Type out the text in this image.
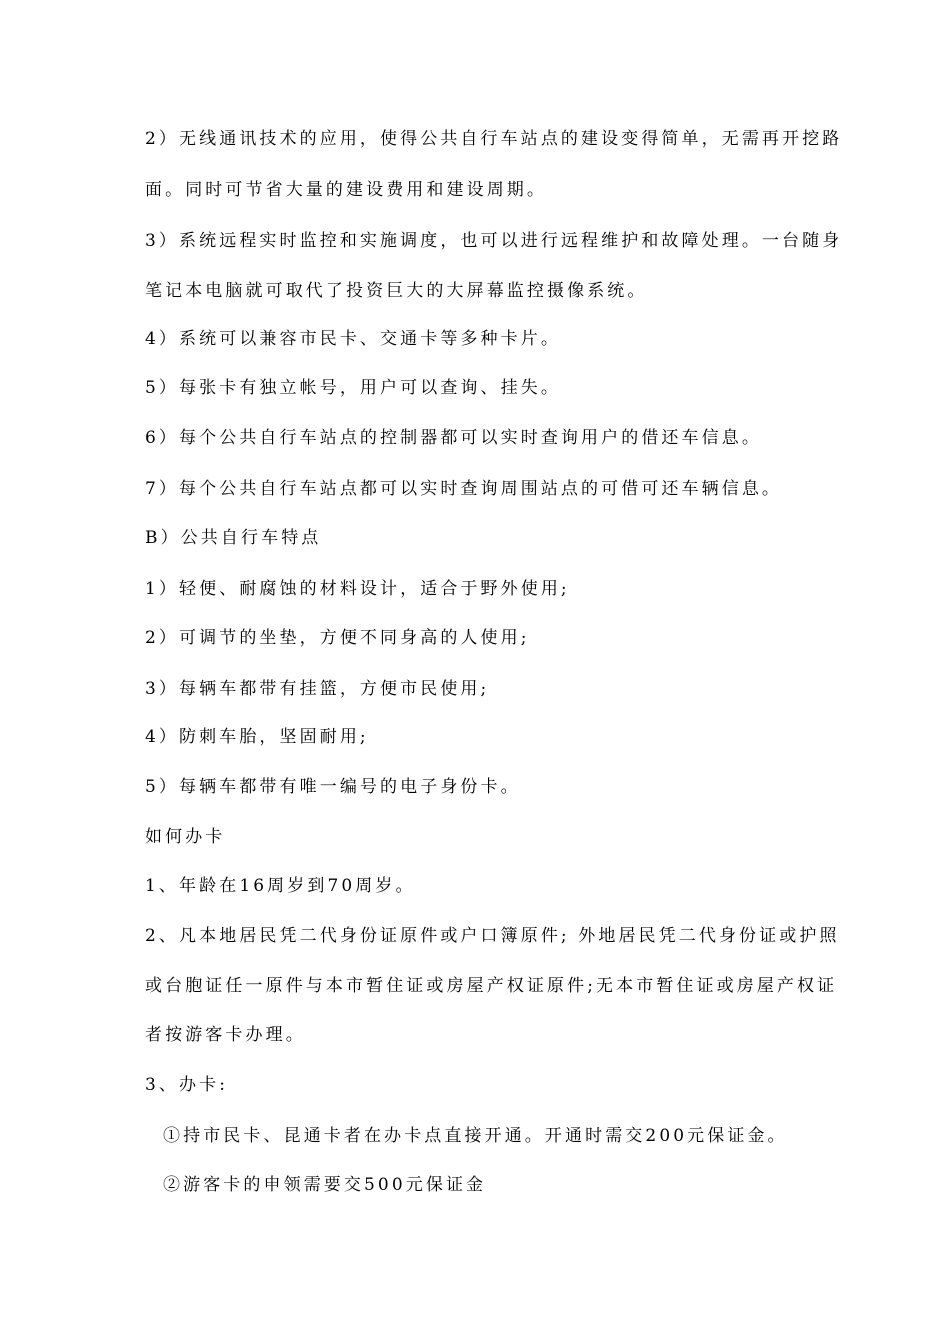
2）无线通讯技术的应用，使得公共自行车站点的建设变得简单，无需再开挖路
面。同时可节省大量的建设费用和建设周期。
3）系统远程实时监控和实施调度，也可以进行远程维护和故障处理。一台随身
笔记本电脑就可取代了投资巨大的大屏幕监控摄像系统。
4）系统可以兼容市民卡、交通卡等多种卡片。
5）每张卡有独立帐号，用户可以查询、挂失。
6）每个公共自行车站点的控制器都可以实时查询用户的借还车信息。
7）每个公共自行车站点都可以实时查询周围站点的可借可还车辆信息。
B）公共自行车特点
1）轻便、耐腐蚀的材料设计，适合于野外使用;
2）可调节的坐垫，方便不同身高的人使用;
3）每辆车都带有挂篮，方便市民使用;
4）防刺车胎，坚固耐用;
5）每辆车都带有唯一编号的电子身份卡。
如何办卡
1、年龄在16周岁到70周岁。
2、凡本地居民凭二代身份证原件或户口簿原件; 外地居民凭二代身份证或护照
或台胞证任一原件与本市暂住证或房屋产权证原件;无本市暂住证或房屋产权证
者按游客卡办理。
3、办卡:
①持市民卡、昆通卡者在办卡点直接开通。开通时需交200元保证金。
②游客卡的申领需要交500元保证金
